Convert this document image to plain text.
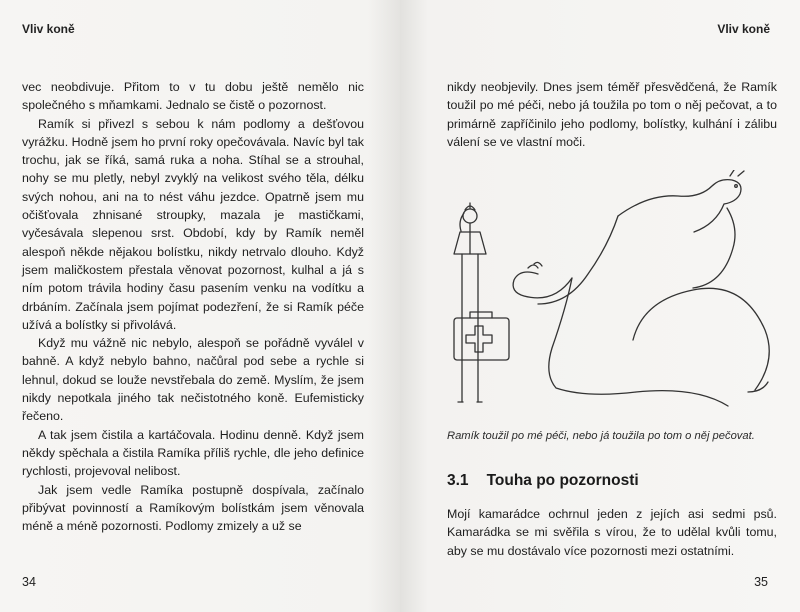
Vliv koně

vec neobdivuje. Přitom to v tu dobu ještě nemělo nic společného s mňamkami. Jednalo se čistě o pozornost.

Ramík si přivezl s sebou k nám podlomy a dešťovou vyrážku. Hodně jsem ho první roky opečovávala. Navíc byl tak trochu, jak se říká, samá ruka a noha. Stíhal se a strouhal, nohy se mu pletly, nebyl zvyklý na velikost svého těla, délku svých nohou, ani na to nést váhu jezdce. Opatrně jsem mu očišťovala zhnisané stroupky, mazala je mastičkami, vyčesávala slepenou srst. Období, kdy by Ramík neměl alespoň někde nějakou bolístku, nikdy netrvalo dlouho. Když jsem maličkostem přestala věnovat pozornost, kulhal a já s ním potom trávila hodiny času pasením venku na vodítku a drbáním. Začínala jsem pojímat podezření, že si Ramík péče užívá a bolístky si přivolává.

Když mu vážně nic nebylo, alespoň se pořádně vyválel v bahně. A když nebylo bahno, načůral pod sebe a rychle si lehnul, dokud se louže nevstřebala do země. Myslím, že jsem nikdy nepotkala jiného tak nečistotného koně. Eufemisticky řečeno.

A tak jsem čistila a kartáčovala. Hodinu denně. Když jsem někdy spěchala a čistila Ramíka příliš rychle, dle jeho definice rychlosti, projevoval nelibost.

Jak jsem vedle Ramíka postupně dospívala, začínalo přibývat povinností a Ramíkovým bolístkám jsem věnovala méně a méně pozornosti. Podlomy zmizely a už se

34
Vliv koně

nikdy neobjevily. Dnes jsem téměř přesvědčená, že Ramík toužil po mé péči, nebo já toužila po tom o něj pečovat, a to primárně zapříčinilo jeho podlomy, bolístky, kulhání i zálibu válení se ve vlastní moči.

Ramík toužil po mé péči, nebo já toužila po tom o něj pečovat.
3.1 Touha po pozornosti

Mojí kamarádce ochrnul jeden z jejích asi sedmi psů. Kamarádka se mi svěřila s vírou, že to udělal kvůli tomu, aby se mu dostávalo více pozornosti mezi ostatními.

35
